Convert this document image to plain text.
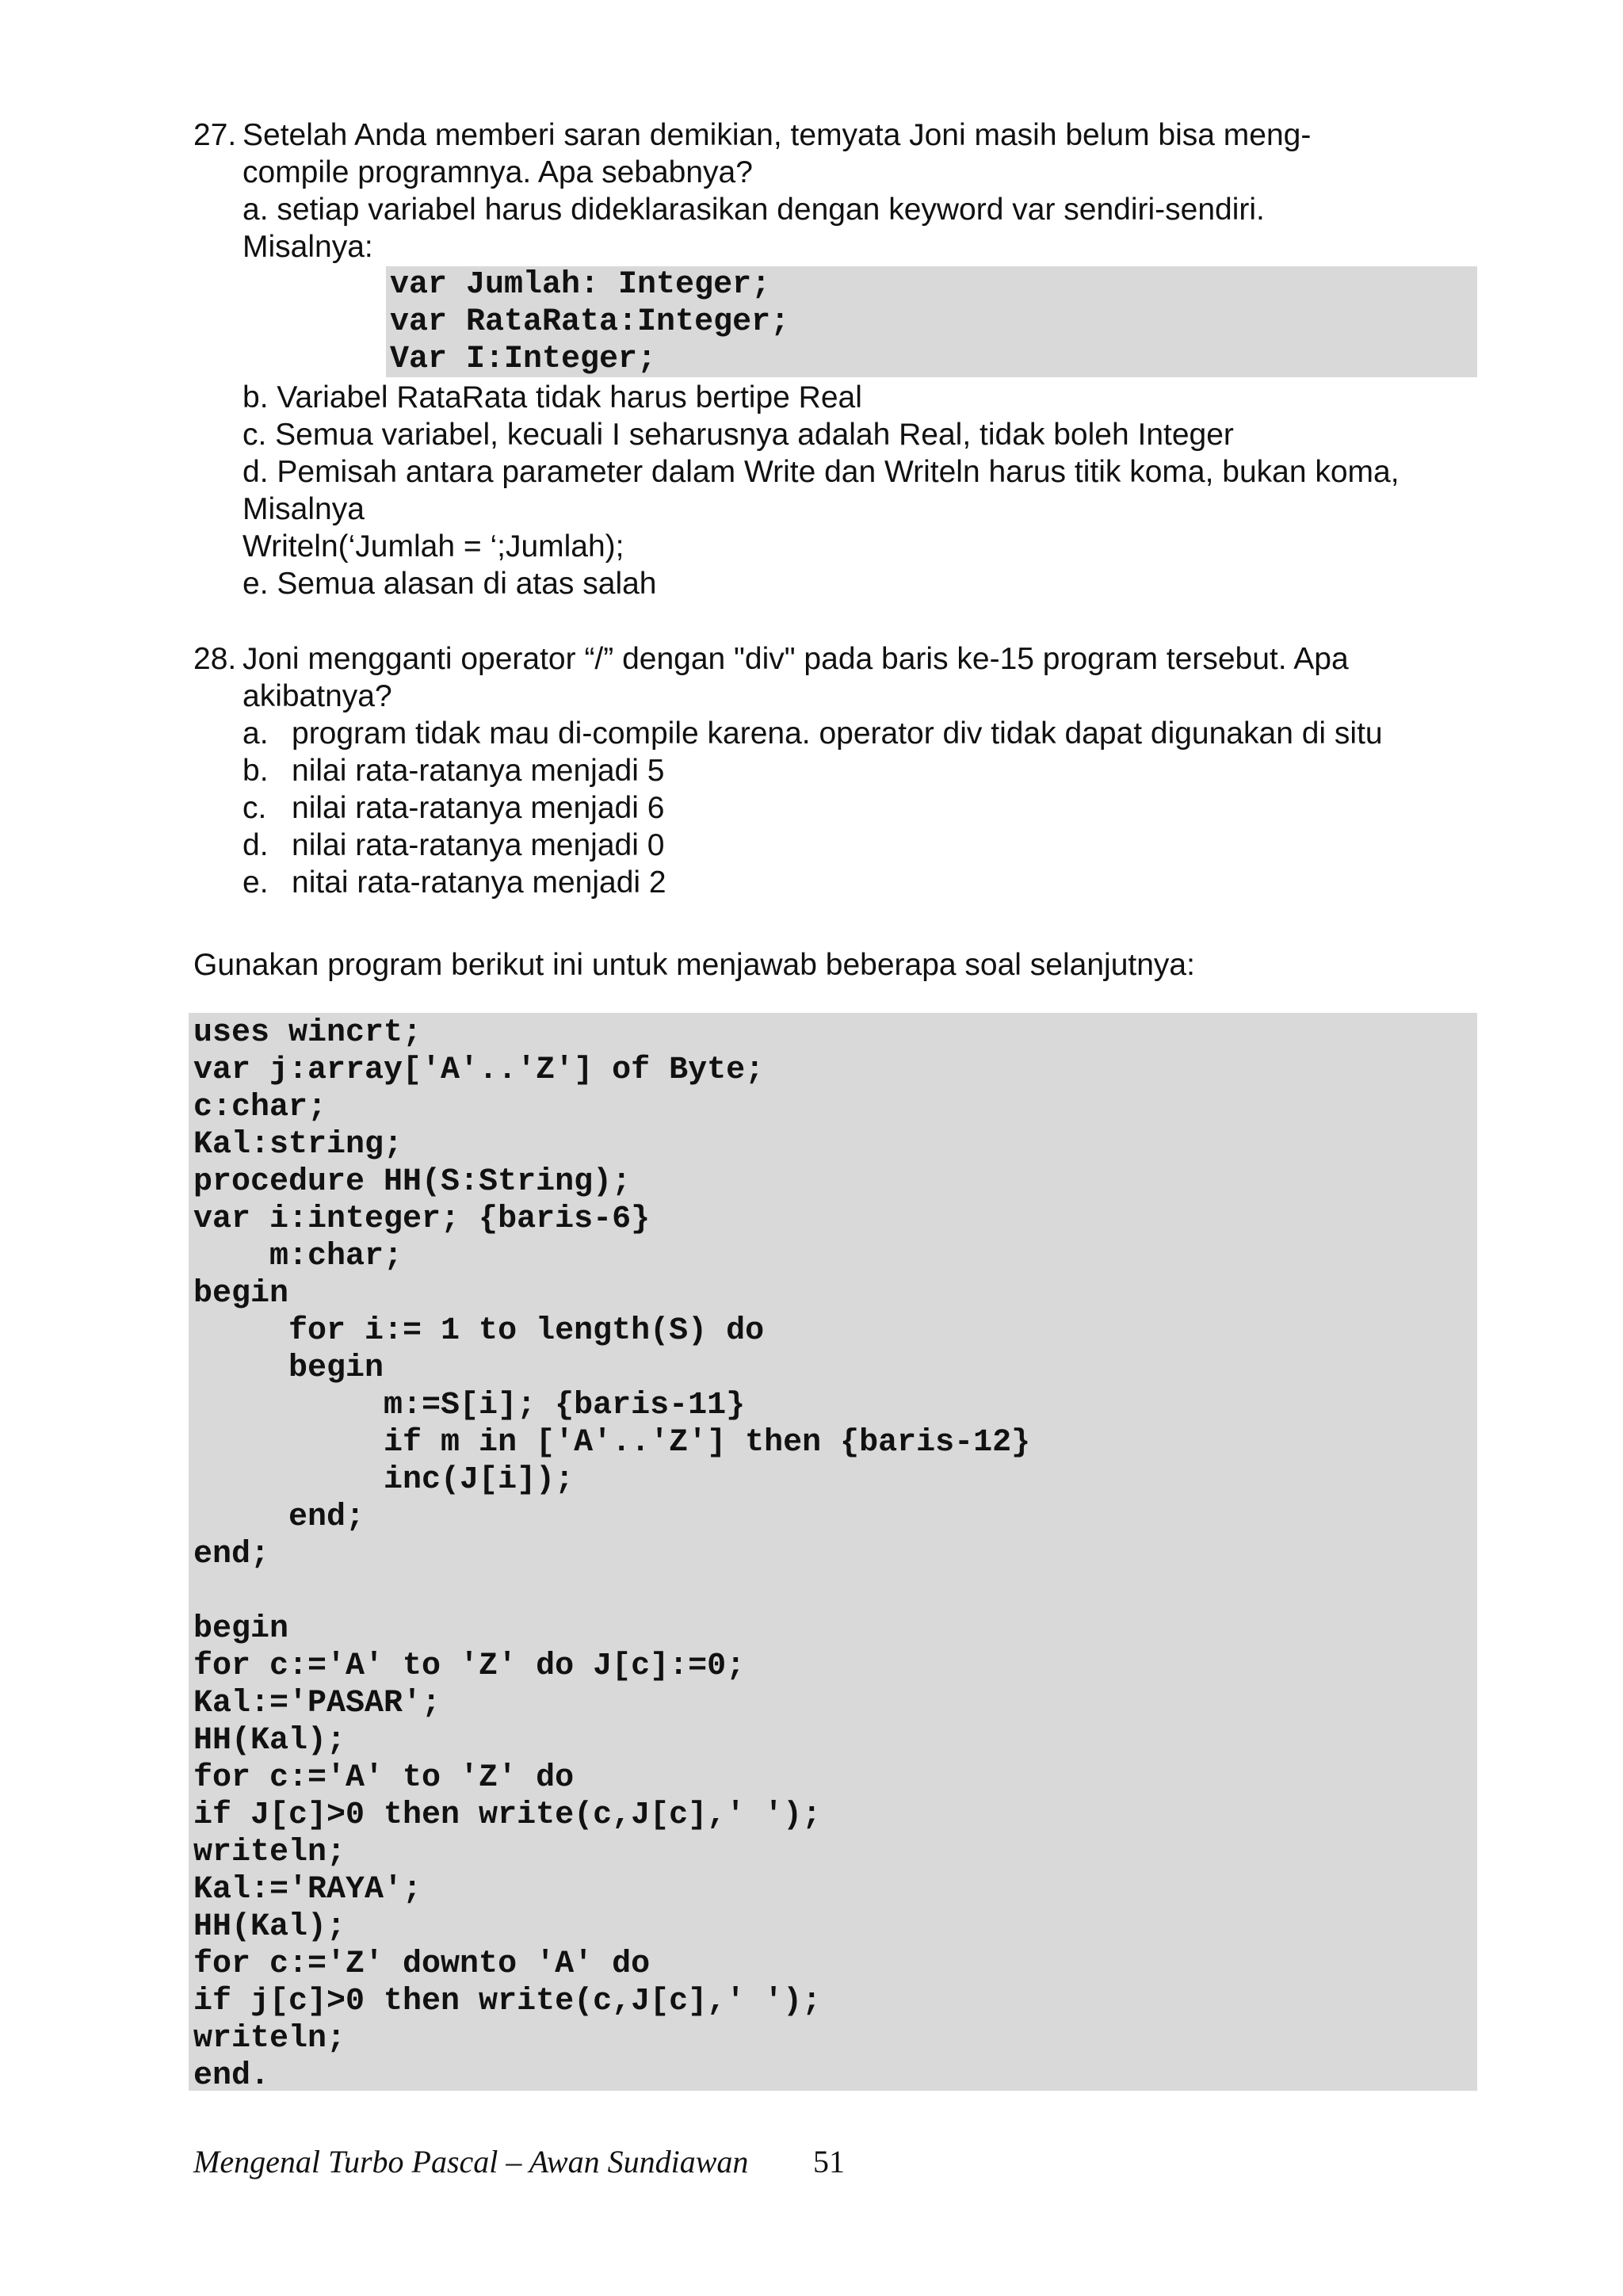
27. Setelah Anda memberi saran demikian, temyata Joni masih belum bisa meng-
compile programnya. Apa sebabnya?
a. setiap variabel harus dideklarasikan dengan keyword var sendiri-sendiri.
Misalnya:
var Jumlah: Integer;
var RataRata:Integer;
Var I:Integer;
b. Variabel RataRata tidak harus bertipe Real
c. Semua variabel, kecuali I seharusnya adalah Real, tidak boleh Integer
d. Pemisah antara parameter dalam Write dan Writeln harus titik koma, bukan koma,
Misalnya
Writeln(‘Jumlah = ‘;Jumlah);
e. Semua alasan di atas salah
28. Joni mengganti operator “/” dengan "div" pada baris ke-15 program tersebut. Apa
akibatnya?
a. program tidak mau di-compile karena. operator div tidak dapat digunakan di situ
b. nilai rata-ratanya menjadi 5
c. nilai rata-ratanya menjadi 6
d. nilai rata-ratanya menjadi 0
e. nitai rata-ratanya menjadi 2
Gunakan program berikut ini untuk menjawab beberapa soal selanjutnya:
uses wincrt;
var j:array['A'..'Z'] of Byte;
c:char;
Kal:string;
procedure HH(S:String);
var i:integer; {baris-6}
m:char;
begin
for i:= 1 to length(S) do
begin
m:=S[i]; {baris-11}
if m in ['A'..'Z'] then {baris-12}
inc(J[i]);
end;
end;
begin
for c:='A' to 'Z' do J[c]:=0;
Kal:='PASAR';
HH(Kal);
for c:='A' to 'Z' do
if J[c]>0 then write(c,J[c],' ');
writeln;
Kal:='RAYA';
HH(Kal);
for c:='Z' downto 'A' do
if j[c]>0 then write(c,J[c],' ');
writeln;
end.
Mengenal Turbo Pascal – Awan Sundiawan 51
